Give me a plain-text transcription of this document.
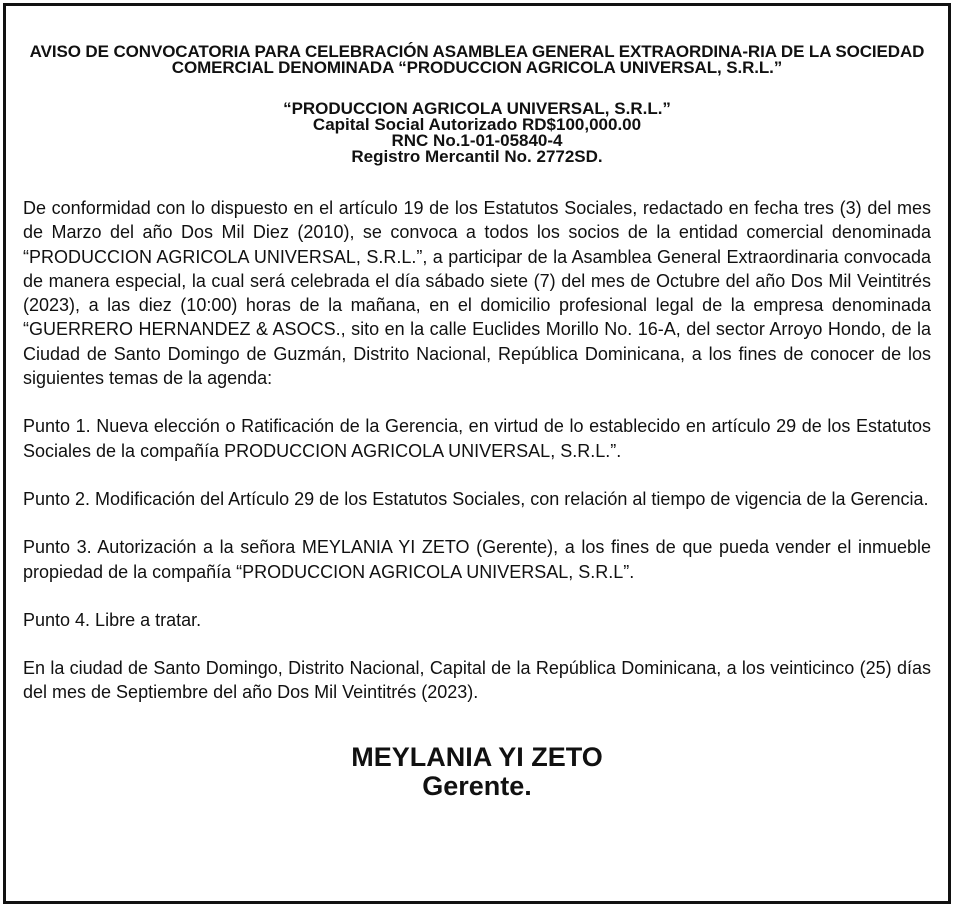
AVISO DE CONVOCATORIA PARA CELEBRACIÓN ASAMBLEA GENERAL EXTRAORDINA-RIA DE LA SOCIEDAD COMERCIAL DENOMINADA “PRODUCCION AGRICOLA UNIVERSAL, S.R.L.”
“PRODUCCION AGRICOLA UNIVERSAL, S.R.L.”
Capital Social Autorizado RD$100,000.00
RNC No.1-01-05840-4
Registro Mercantil No. 2772SD.

De conformidad con lo dispuesto en el artículo 19 de los Estatutos Sociales, redactado en fecha tres (3) del mes de Marzo del año Dos Mil Diez (2010), se convoca a todos los socios de la entidad comercial denominada “PRODUCCION AGRICOLA UNIVERSAL, S.R.L.”, a participar de la Asamblea General Extraordinaria convocada de manera especial, la cual será celebrada el día sábado siete (7) del mes de Octubre del año Dos Mil Veintitrés (2023), a las diez (10:00) horas de la mañana, en el domicilio profesional legal de la empresa denominada “GUERRERO HERNANDEZ & ASOCS., sito en la calle Euclides Morillo No. 16-A, del sector Arroyo Hondo, de la Ciudad de Santo Domingo de Guzmán, Distrito Nacional, República Dominicana, a los fines de conocer de los siguientes temas de la agenda:

Punto 1. Nueva elección o Ratificación de la Gerencia, en virtud de lo establecido en artículo 29 de los Estatutos Sociales de la compañía PRODUCCION AGRICOLA UNIVERSAL, S.R.L.”.

Punto 2. Modificación del Artículo 29 de los Estatutos Sociales, con relación al tiempo de vigencia de la Gerencia.

Punto 3. Autorización a la señora MEYLANIA YI ZETO (Gerente), a los fines de que pueda vender el inmueble propiedad de la compañía “PRODUCCION AGRICOLA UNIVERSAL, S.R.L”.

Punto 4. Libre a tratar.

En la ciudad de Santo Domingo, Distrito Nacional, Capital de la República Dominicana, a los veinticinco (25) días del mes de Septiembre del año Dos Mil Veintitrés (2023).

MEYLANIA YI ZETO
Gerente.
